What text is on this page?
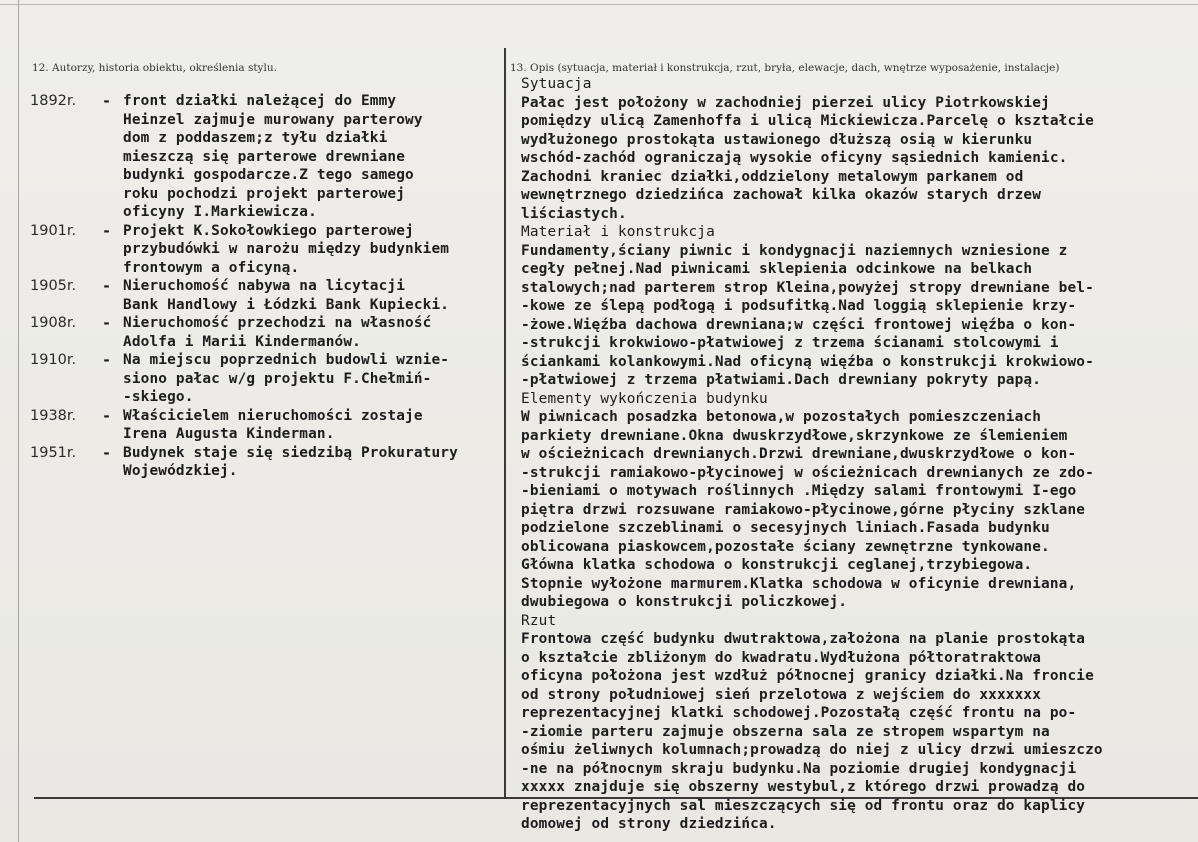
12. Autorzy, historia obiektu, określenia stylu.	13. Opis (sytuacja, materiał i konstrukcja, rzut, bryła, elewacje, dach, wnętrze wyposażenie, instalacje)
1892r.	- front działki należącej do Emmy
Heinzel zajmuje murowany parterowy
dom z poddaszem;z tyłu działki
mieszczą się parterowe drewniane
budynki gospodarcze.Z tego samego
roku pochodzi projekt parterowej
oficyny I.Markiewicza.
1901r.	- Projekt K.Sokołowkiego parterowej
przybudówki w narożu między budynkiem
frontowym a oficyną.
1905r.	- Nieruchomość nabywa na licytacji
Bank Handlowy i Łódzki Bank Kupiecki.
1908r.	- Nieruchomość przechodzi na własność
Adolfa i Marii Kindermanów.
1910r.	- Na miejscu poprzednich budowli wznie-
siono pałac w/g projektu F.Chełmiń-
-skiego.
1938r.	- Właścicielem nieruchomości zostaje
Irena Augusta Kinderman.
1951r.	- Budynek staje się siedzibą Prokuratury
Wojewódzkiej.
Sytuacja
Pałac jest położony w zachodniej pierzei ulicy Piotrkowskiej
pomiędzy ulicą Zamenhoffa i ulicą Mickiewicza.Parcelę o kształcie
wydłużonego prostokąta ustawionego dłuższą osią w kierunku
wschód-zachód ograniczają wysokie oficyny sąsiednich kamienic.
Zachodni kraniec działki,oddzielony metalowym parkanem od
wewnętrznego dziedzińca zachował kilka okazów starych drzew
liściastych.
Materiał i konstrukcja
Fundamenty,ściany piwnic i kondygnacji naziemnych wzniesione z
cegły pełnej.Nad piwnicami sklepienia odcinkowe na belkach
stalowych;nad parterem strop Kleina,powyżej stropy drewniane bel-
-kowe ze ślepą podłogą i podsufitką.Nad loggią sklepienie krzy-
-żowe.Więźba dachowa drewniana;w części frontowej więźba o kon-
-strukcji krokwiowo-płatwiowej z trzema ścianami stolcowymi i
ściankami kolankowymi.Nad oficyną więźba o konstrukcji krokwiowo-
-płatwiowej z trzema płatwiami.Dach drewniany pokryty papą.
Elementy wykończenia budynku
W piwnicach posadzka betonowa,w pozostałych pomieszczeniach
parkiety drewniane.Okna dwuskrzydłowe,skrzynkowe ze ślemieniem
w ościeżnicach drewnianych.Drzwi drewniane,dwuskrzydłowe o kon-
-strukcji ramiakowo-płycinowej w ościeżnicach drewnianych ze zdo-
-bieniami o motywach roślinnych .Między salami frontowymi I-ego
piętra drzwi rozsuwane ramiakowo-płycinowe,górne płyciny szklane
podzielone szczeblinami o secesyjnych liniach.Fasada budynku
oblicowana piaskowcem,pozostałe ściany zewnętrzne tynkowane.
Główna klatka schodowa o konstrukcji ceglanej,trzybiegowa.
Stopnie wyłożone marmurem.Klatka schodowa w oficynie drewniana,
dwubiegowa o konstrukcji policzkowej.
Rzut
Frontowa część budynku dwutraktowa,założona na planie prostokąta
o kształcie zbliżonym do kwadratu.Wydłużona półtoratraktowa
oficyna położona jest wzdłuż północnej granicy działki.Na froncie
od strony południowej sień przelotowa z wejściem do xxxxxxx
reprezentacyjnej klatki schodowej.Pozostałą część frontu na po-
-ziomie parteru zajmuje obszerna sala ze stropem wspartym na
ośmiu żeliwnych kolumnach;prowadzą do niej z ulicy drzwi umieszczo
-ne na północnym skraju budynku.Na poziomie drugiej kondygnacji
xxxxx znajduje się obszerny westybul,z którego drzwi prowadzą do
reprezentacyjnych sal mieszczących się od frontu oraz do kaplicy
domowej od strony dziedzińca.
